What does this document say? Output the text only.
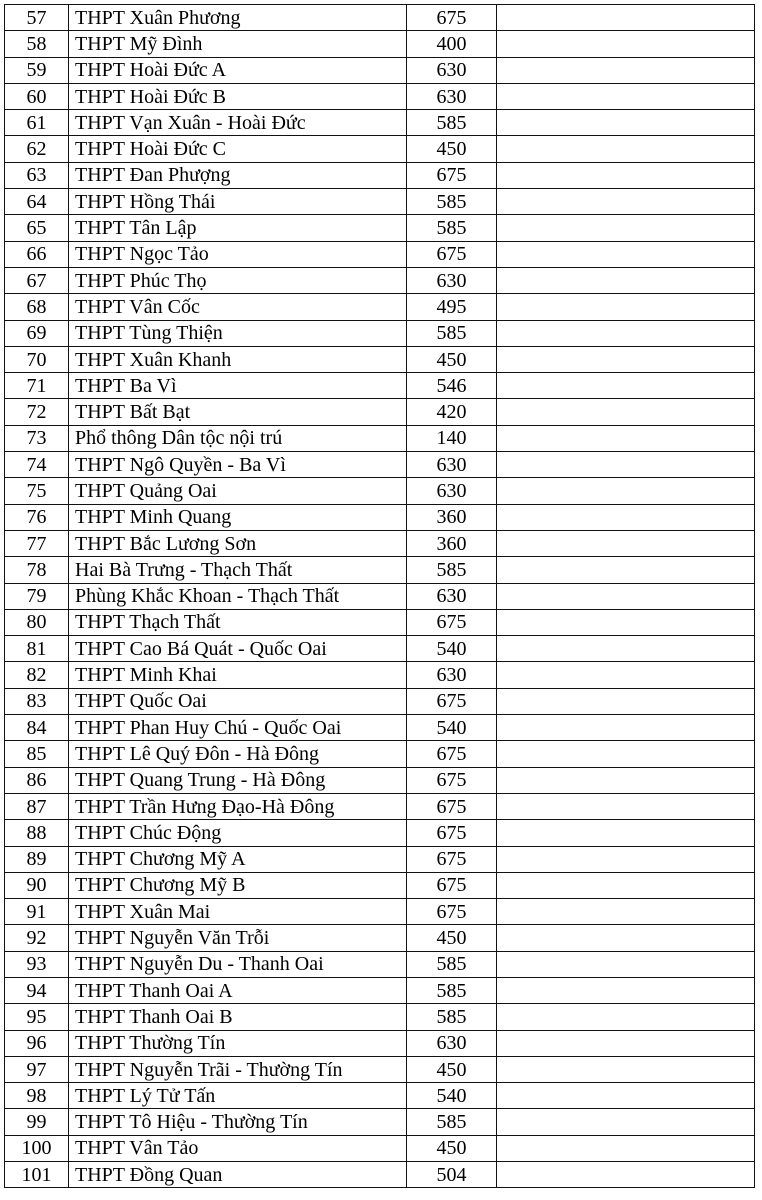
57	THPT Xuân Phương	675	
58	THPT Mỹ Đình	400	
59	THPT Hoài Đức A	630	
60	THPT Hoài Đức B	630	
61	THPT Vạn Xuân - Hoài Đức	585	
62	THPT Hoài Đức C	450	
63	THPT Đan Phượng	675	
64	THPT Hồng Thái	585	
65	THPT Tân Lập	585	
66	THPT Ngọc Tảo	675	
67	THPT Phúc Thọ	630	
68	THPT Vân Cốc	495	
69	THPT Tùng Thiện	585	
70	THPT Xuân Khanh	450	
71	THPT Ba Vì	546	
72	THPT Bất Bạt	420	
73	Phổ thông Dân tộc nội trú	140	
74	THPT Ngô Quyền - Ba Vì	630	
75	THPT Quảng Oai	630	
76	THPT Minh Quang	360	
77	THPT Bắc Lương Sơn	360	
78	Hai Bà Trưng - Thạch Thất	585	
79	Phùng Khắc Khoan - Thạch Thất	630	
80	THPT Thạch Thất	675	
81	THPT Cao Bá Quát - Quốc Oai	540	
82	THPT Minh Khai	630	
83	THPT Quốc Oai	675	
84	THPT Phan Huy Chú - Quốc Oai	540	
85	THPT Lê Quý Đôn - Hà Đông	675	
86	THPT Quang Trung - Hà Đông	675	
87	THPT Trần Hưng Đạo-Hà Đông	675	
88	THPT Chúc Động	675	
89	THPT Chương Mỹ A	675	
90	THPT Chương Mỹ B	675	
91	THPT Xuân Mai	675	
92	THPT Nguyễn Văn Trỗi	450	
93	THPT Nguyễn Du - Thanh Oai	585	
94	THPT Thanh Oai A	585	
95	THPT Thanh Oai B	585	
96	THPT Thường Tín	630	
97	THPT Nguyễn Trãi - Thường Tín	450	
98	THPT Lý Tử Tấn	540	
99	THPT Tô Hiệu - Thường Tín	585	
100	THPT Vân Tảo	450	
101	THPT Đồng Quan	504	
